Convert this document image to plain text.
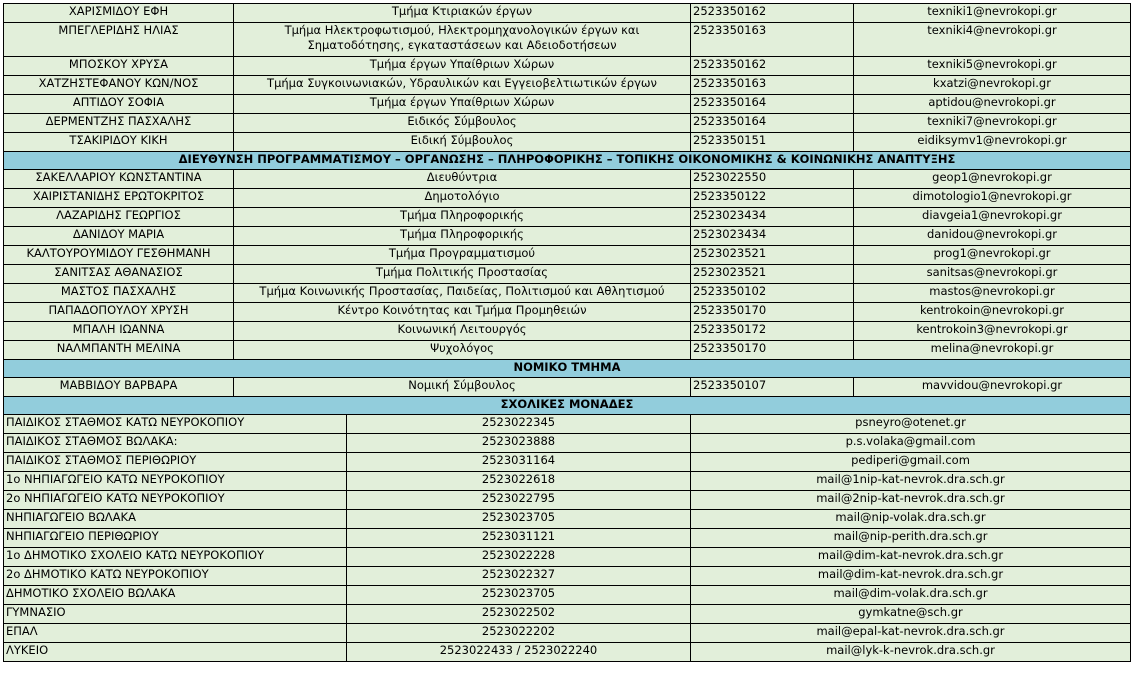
ΧΑΡΙΣΜΙΔΟΥ ΕΦΗ	Τμήμα Κτιριακών έργων		2523350162	texniki1@nevrokopi.gr
ΜΠΕΓΛΕΡΙΔΗΣ ΗΛΙΑΣ	Τμήμα Ηλεκτροφωτισμού, Ηλεκτρομηχανολογικών έργων και Σηματοδότησης, εγκαταστάσεων και Αδειοδοτήσεων		2523350163	texniki4@nevrokopi.gr
ΜΠΟΣΚΟΥ ΧΡΥΣΑ	Τμήμα έργων Υπαίθριων Χώρων		2523350162	texniki5@nevrokopi.gr
ΧΑΤΖΗΣΤΕΦΑΝΟΥ ΚΩΝ/ΝΟΣ	Τμήμα Συγκοινωνιακών, Υδραυλικών και Εγγειοβελτιωτικών έργων		2523350163	kxatzi@nevrokopi.gr
ΑΠΤΙΔΟΥ ΣΟΦΙΑ	Τμήμα έργων Υπαίθριων Χώρων		2523350164	aptidou@nevrokopi.gr
ΔΕΡΜΕΝΤΖΗΣ ΠΑΣΧΑΛΗΣ	Ειδικός Σύμβουλος		2523350164	texniki7@nevrokopi.gr
ΤΣΑΚΙΡΙΔΟΥ ΚΙΚΗ	Ειδική Σύμβουλος		2523350151	eidiksymv1@nevrokopi.gr
ΔΙΕΥΘΥΝΣΗ ΠΡΟΓΡΑΜΜΑΤΙΣΜΟΥ – ΟΡΓΑΝΩΣΗΣ – ΠΛΗΡΟΦΟΡΙΚΗΣ – ΤΟΠΙΚΗΣ ΟΙΚΟΝΟΜΙΚΗΣ & ΚΟΙΝΩΝΙΚΗΣ ΑΝΑΠΤΥΞΗΣ				
ΣΑΚΕΛΛΑΡΙΟΥ ΚΩΝΣΤΑΝΤΙΝΑ	Διευθύντρια		2523022550	geop1@nevrokopi.gr
ΧΑΙΡΙΣΤΑΝΙΔΗΣ ΕΡΩΤΟΚΡΙΤΟΣ	Δημοτολόγιο		2523350122	dimotologio1@nevrokopi.gr
ΛΑΖΑΡΙΔΗΣ ΓΕΩΡΓΙΟΣ	Τμήμα Πληροφορικής		2523023434	diavgeia1@nevrokopi.gr
ΔΑΝΙΔΟΥ ΜΑΡΙΑ	Τμήμα Πληροφορικής		2523023434	danidou@nevrokopi.gr
ΚΑΛΤΟΥΡΟΥΜΙΔΟΥ ΓΕΣΘΗΜΑΝΗ	Τμήμα Προγραμματισμού		2523023521	prog1@nevrokopi.gr
ΣΑΝΙΤΣΑΣ ΑΘΑΝΑΣΙΟΣ	Τμήμα Πολιτικής Προστασίας		2523023521	sanitsas@nevrokopi.gr
ΜΑΣΤΟΣ ΠΑΣΧΑΛΗΣ	Τμήμα Κοινωνικής Προστασίας, Παιδείας, Πολιτισμού και Αθλητισμού		2523350102	mastos@nevrokopi.gr
ΠΑΠΑΔΟΠΟΥΛΟΥ ΧΡΥΣΗ	Κέντρο Κοινότητας και Τμήμα Προμηθειών		2523350170	kentrokoin@nevrokopi.gr
ΜΠΑΛΗ ΙΩΑΝΝΑ	Κοινωνική Λειτουργός		2523350172	kentrokoin3@nevrokopi.gr
ΝΑΛΜΠΑΝΤΗ ΜΕΛΙΝΑ	Ψυχολόγος		2523350170	melina@nevrokopi.gr
ΝΟΜΙΚΟ ΤΜΗΜΑ				
ΜΑΒΒΙΔΟΥ ΒΑΡΒΑΡΑ	Νομική Σύμβουλος		2523350107	mavvidou@nevrokopi.gr
ΣΧΟΛΙΚΕΣ ΜΟΝΑΔΕΣ				
ΠΑΙΔΙΚΟΣ ΣΤΑΘΜΟΣ ΚΑΤΩ ΝΕΥΡΟΚΟΠΙΟΥ		2523022345	psneyro@otenet.gr	
ΠΑΙΔΙΚΟΣ ΣΤΑΘΜΟΣ ΒΩΛΑΚΑ:		2523023888	p.s.volaka@gmail.com	
ΠΑΙΔΙΚΟΣ ΣΤΑΘΜΟΣ ΠΕΡΙΘΩΡΙΟΥ		2523031164	pediperi@gmail.com	
1ο ΝΗΠΙΑΓΩΓΕΙΟ ΚΑΤΩ ΝΕΥΡΟΚΟΠΙΟΥ		2523022618	mail@1nip-kat-nevrok.dra.sch.gr	
2ο ΝΗΠΙΑΓΩΓΕΙΟ ΚΑΤΩ ΝΕΥΡΟΚΟΠΙΟΥ		2523022795	mail@2nip-kat-nevrok.dra.sch.gr	
ΝΗΠΙΑΓΩΓΕΙΟ ΒΩΛΑΚΑ		2523023705	mail@nip-volak.dra.sch.gr	
ΝΗΠΙΑΓΩΓΕΙΟ ΠΕΡΙΘΩΡΙΟΥ		2523031121	mail@nip-perith.dra.sch.gr	
1ο ΔΗΜΟΤΙΚΟ ΣΧΟΛΕΙΟ ΚΑΤΩ ΝΕΥΡΟΚΟΠΙΟΥ		2523022228	mail@dim-kat-nevrok.dra.sch.gr	
2ο ΔΗΜΟΤΙΚΟ ΚΑΤΩ ΝΕΥΡΟΚΟΠΙΟΥ		2523022327	mail@dim-kat-nevrok.dra.sch.gr	
ΔΗΜΟΤΙΚΟ ΣΧΟΛΕΙΟ ΒΩΛΑΚΑ		2523023705	mail@dim-volak.dra.sch.gr	
ΓΥΜΝΑΣΙΟ		2523022502	gymkatne@sch.gr	
ΕΠΑΛ		2523022202	mail@epal-kat-nevrok.dra.sch.gr	
ΛΥΚΕΙΟ		2523022433 / 2523022240	mail@lyk-k-nevrok.dra.sch.gr	
